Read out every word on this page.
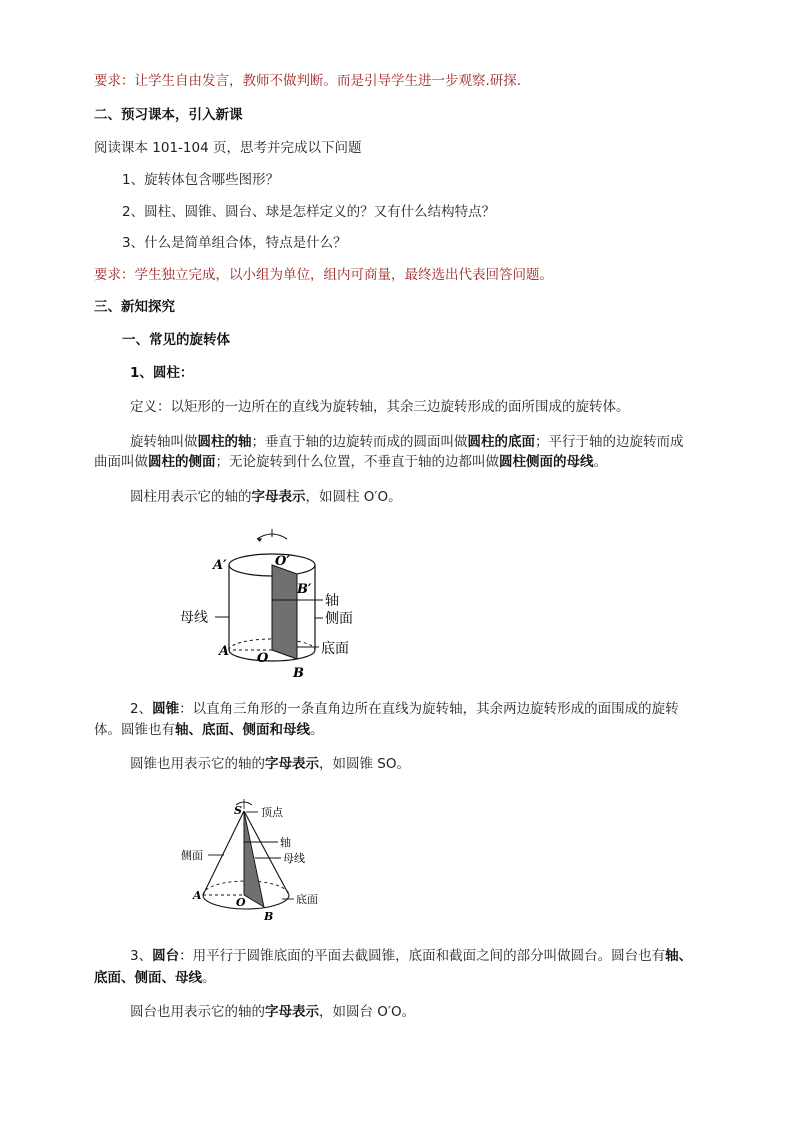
要求：让学生自由发言，教师不做判断。而是引导学生进一步观察.研探.
二、预习课本，引入新课
阅读课本 101-104 页，思考并完成以下问题
1、旋转体包含哪些图形？
2、圆柱、圆锥、圆台、球是怎样定义的？又有什么结构特点？
3、什么是简单组合体，特点是什么？
要求：学生独立完成，以小组为单位，组内可商量，最终选出代表回答问题。
三、新知探究
一、常见的旋转体
1、圆柱：
定义：以矩形的一边所在的直线为旋转轴，其余三边旋转形成的面所围成的旋转体。
旋转轴叫做圆柱的轴；垂直于轴的边旋转而成的圆面叫做圆柱的底面；平行于轴的边旋转而成
曲面叫做圆柱的侧面；无论旋转到什么位置，不垂直于轴的边都叫做圆柱侧面的母线。
圆柱用表示它的轴的字母表示，如圆柱 O′O。
A′	O′
B′
A O
B
轴
侧面
底面
母线
2、圆锥：以直角三角形的一条直角边所在直线为旋转轴，其余两边旋转形成的面围成的旋转
体。圆锥也有轴、底面、侧面和母线。
圆锥也用表示它的轴的字母表示，如圆锥 SO。
S
O
A
B
顶点
轴
母线
侧面
底面
3、圆台：用平行于圆锥底面的平面去截圆锥，底面和截面之间的部分叫做圆台。圆台也有轴、
底面、侧面、母线。
圆台也用表示它的轴的字母表示，如圆台 O′O。
